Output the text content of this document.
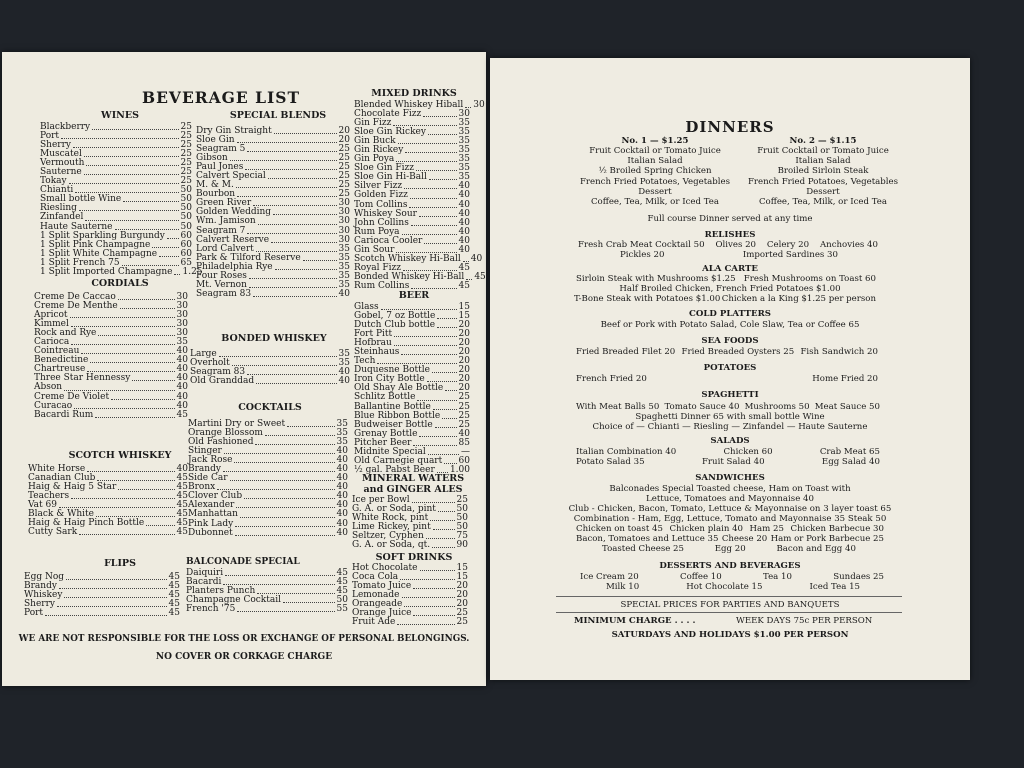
BEVERAGE LIST
WINES
Blackberry	25
Port	25
Sherry	25
Muscatel	25
Vermouth	25
Sauterne	25
Tokay	25
Chianti	50
Small bottle Wine	50
Riesling	50
Zinfandel	50
Haute Sauterne	50
1 Split Sparkling Burgundy 60
1 Split Pink Champagne	60
1 Split White Champagne	60
1 Split French 75	65
1 Split Imported Champagne 1.25
CORDIALS
Creme De Caccao	30
Creme De Menthe	30
Apricot	30
Kimmel	30
Rock and Rye	30
Carioca	35
Cointreau	40
Benedictine	40
Chartreuse	40
Three Star Hennessy	40
Abson	40
Creme De Violet	40
Curacao	40
Bacardi Rum	45
SCOTCH WHISKEY
White Horse	40
Canadian Club	45
Haig & Haig 5 Star	45
Teachers	45
Vat 69	45
Black & White	45
Haig & Haig Pinch Bottle	45
Cutty Sark	45
FLIPS
Egg Nog	45
Brandy	45
Whiskey	45
Sherry	45
Port	45
SPECIAL BLENDS
Dry Gin Straight	20
Sloe Gin	20
Seagram 5	25
Gibson	25
Paul Jones	25
Calvert Special	25
M. & M.	25
Bourbon	25
Green River	30
Golden Wedding	30
Wm. Jamison	30
Seagram 7	30
Calvert Reserve	30
Lord Calvert	35
Park & Tilford Reserve	35
Philadelphia Rye	35
Four Roses	35
Mt. Vernon	35
Seagram 83	40
BONDED WHISKEY
Large	35
Overholt	35
Seagram 83	40
Old Granddad	40
COCKTAILS
Martini Dry or Sweet	35
Orange Blossom	35
Old Fashioned	35
Stinger	40
Jack Rose	40
Brandy	40
Side Car	40
Bronx	40
Clover Club	40
Alexander	40
Manhattan	40
Pink Lady	40
Dubonnet	40
BALCONADE SPECIAL
Daiquiri	45
Bacardi	45
Planters Punch	45
Champagne Cocktail	50
French '75	55
MIXED DRINKS
Blended Whiskey Hiball 30
Chocolate Fizz	30
Gin Fizz	35
Sloe Gin Rickey	35
Gin Buck	35
Gin Rickey	35
Gin Poya	35
Sloe Gin Fizz	35
Sloe Gin Hi-Ball	35
Silver Fizz	40
Golden Fizz	40
Tom Collins	40
Whiskey Sour	40
John Collins	40
Rum Poya	40
Carioca Cooler	40
Gin Sour	40
Scotch Whiskey Hi-Ball 40
Royal Fizz	45
Bonded Whiskey Hi-Ball 45
Rum Collins	45
BEER
Glass	15
Gobel, 7 oz Bottle	15
Dutch Club bottle	20
Fort Pitt	20
Hofbrau	20
Steinhaus	20
Tech	20
Duquesne Bottle	20
Iron City Bottle	20
Old Shay Ale Bottle 20
Schlitz Bottle	25
Ballantine Bottle	25
Blue Ribbon Bottle 25
Budweiser Bottle	25
Grenay Bottle	40
Pitcher Beer	85
Midnite Special	—
Old Carnegie quart 60
½ gal. Pabst Beer 1.00
MINERAL WATERS and GINGER ALES
Ice per Bowl	25
G. A. or Soda, pint 50
White Rock, pint	50
Lime Rickey, pint	50
Seltzer, Cyphen	75
G. A. or Soda, qt.	90
SOFT DRINKS
Hot Chocolate	15
Coca Cola	15
Tomato Juice	20
Lemonade	20
Orangeade	20
Orange Juice	25
Fruit Ade	25
WE ARE NOT RESPONSIBLE FOR THE LOSS OR EXCHANGE OF PERSONAL BELONGINGS.
NO COVER OR CORKAGE CHARGE
DINNERS
No. 1 — $1.25
Fruit Cocktail or Tomato Juice
Italian Salad
½ Broiled Spring Chicken
French Fried Potatoes, Vegetables
Dessert
Coffee, Tea, Milk, or Iced Tea
No. 2 — $1.15
Fruit Cocktail or Tomato Juice
Italian Salad
Broiled Sirloin Steak
French Fried Potatoes, Vegetables
Dessert
Coffee, Tea, Milk, or Iced Tea
Full course Dinner served at any time
RELISHES
Fresh Crab Meat Cocktail 50 Olives 20 Celery 20 Anchovies 40
Pickles 20	Imported Sardines 30
ALA CARTE
Sirloin Steak with Mushrooms $1.25 Fresh Mushrooms on Toast 60
Half Broiled Chicken, French Fried Potatoes $1.00
T-Bone Steak with Potatoes $1.00 Chicken a la King $1.25 per person
COLD PLATTERS
Beef or Pork with Potato Salad, Cole Slaw, Tea or Coffee 65
SEA FOODS
Fried Breaded Filet 20 Fried Breaded Oysters 25 Fish Sandwich 20
POTATOES
French Fried 20	Home Fried 20
SPAGHETTI
With Meat Balls 50 Tomato Sauce 40 Mushrooms 50 Meat Sauce 50
Spaghetti Dinner 65 with small bottle Wine
Choice of — Chianti — Riesling — Zinfandel — Haute Sauterne
SALADS
Italian Combination 40	Chicken 60	Crab Meat 65
Potato Salad 35	Fruit Salad 40	Egg Salad 40
SANDWICHES
Balconades Special Toasted cheese, Ham on Toast with
Lettuce, Tomatoes and Mayonnaise 40
Club - Chicken, Bacon, Tomato, Lettuce & Mayonnaise on 3 layer toast 65
Combination - Ham, Egg, Lettuce, Tomato and Mayonnaise 35 Steak 50
Chicken on toast 45 Chicken plain 40 Ham 25 Chicken Barbecue 30
Bacon, Tomatoes and Lettuce 35 Cheese 20 Ham or Pork Barbecue 25
Toasted Cheese 25	Egg 20	Bacon and Egg 40
DESSERTS AND BEVERAGES
Ice Cream 20	Coffee 10	Tea 10	Sundaes 25
Milk 10	Hot Chocolate 15	Iced Tea 15
SPECIAL PRICES FOR PARTIES AND BANQUETS
MINIMUM CHARGE . . . .	WEEK DAYS 75c PER PERSON
SATURDAYS AND HOLIDAYS $1.00 PER PERSON
